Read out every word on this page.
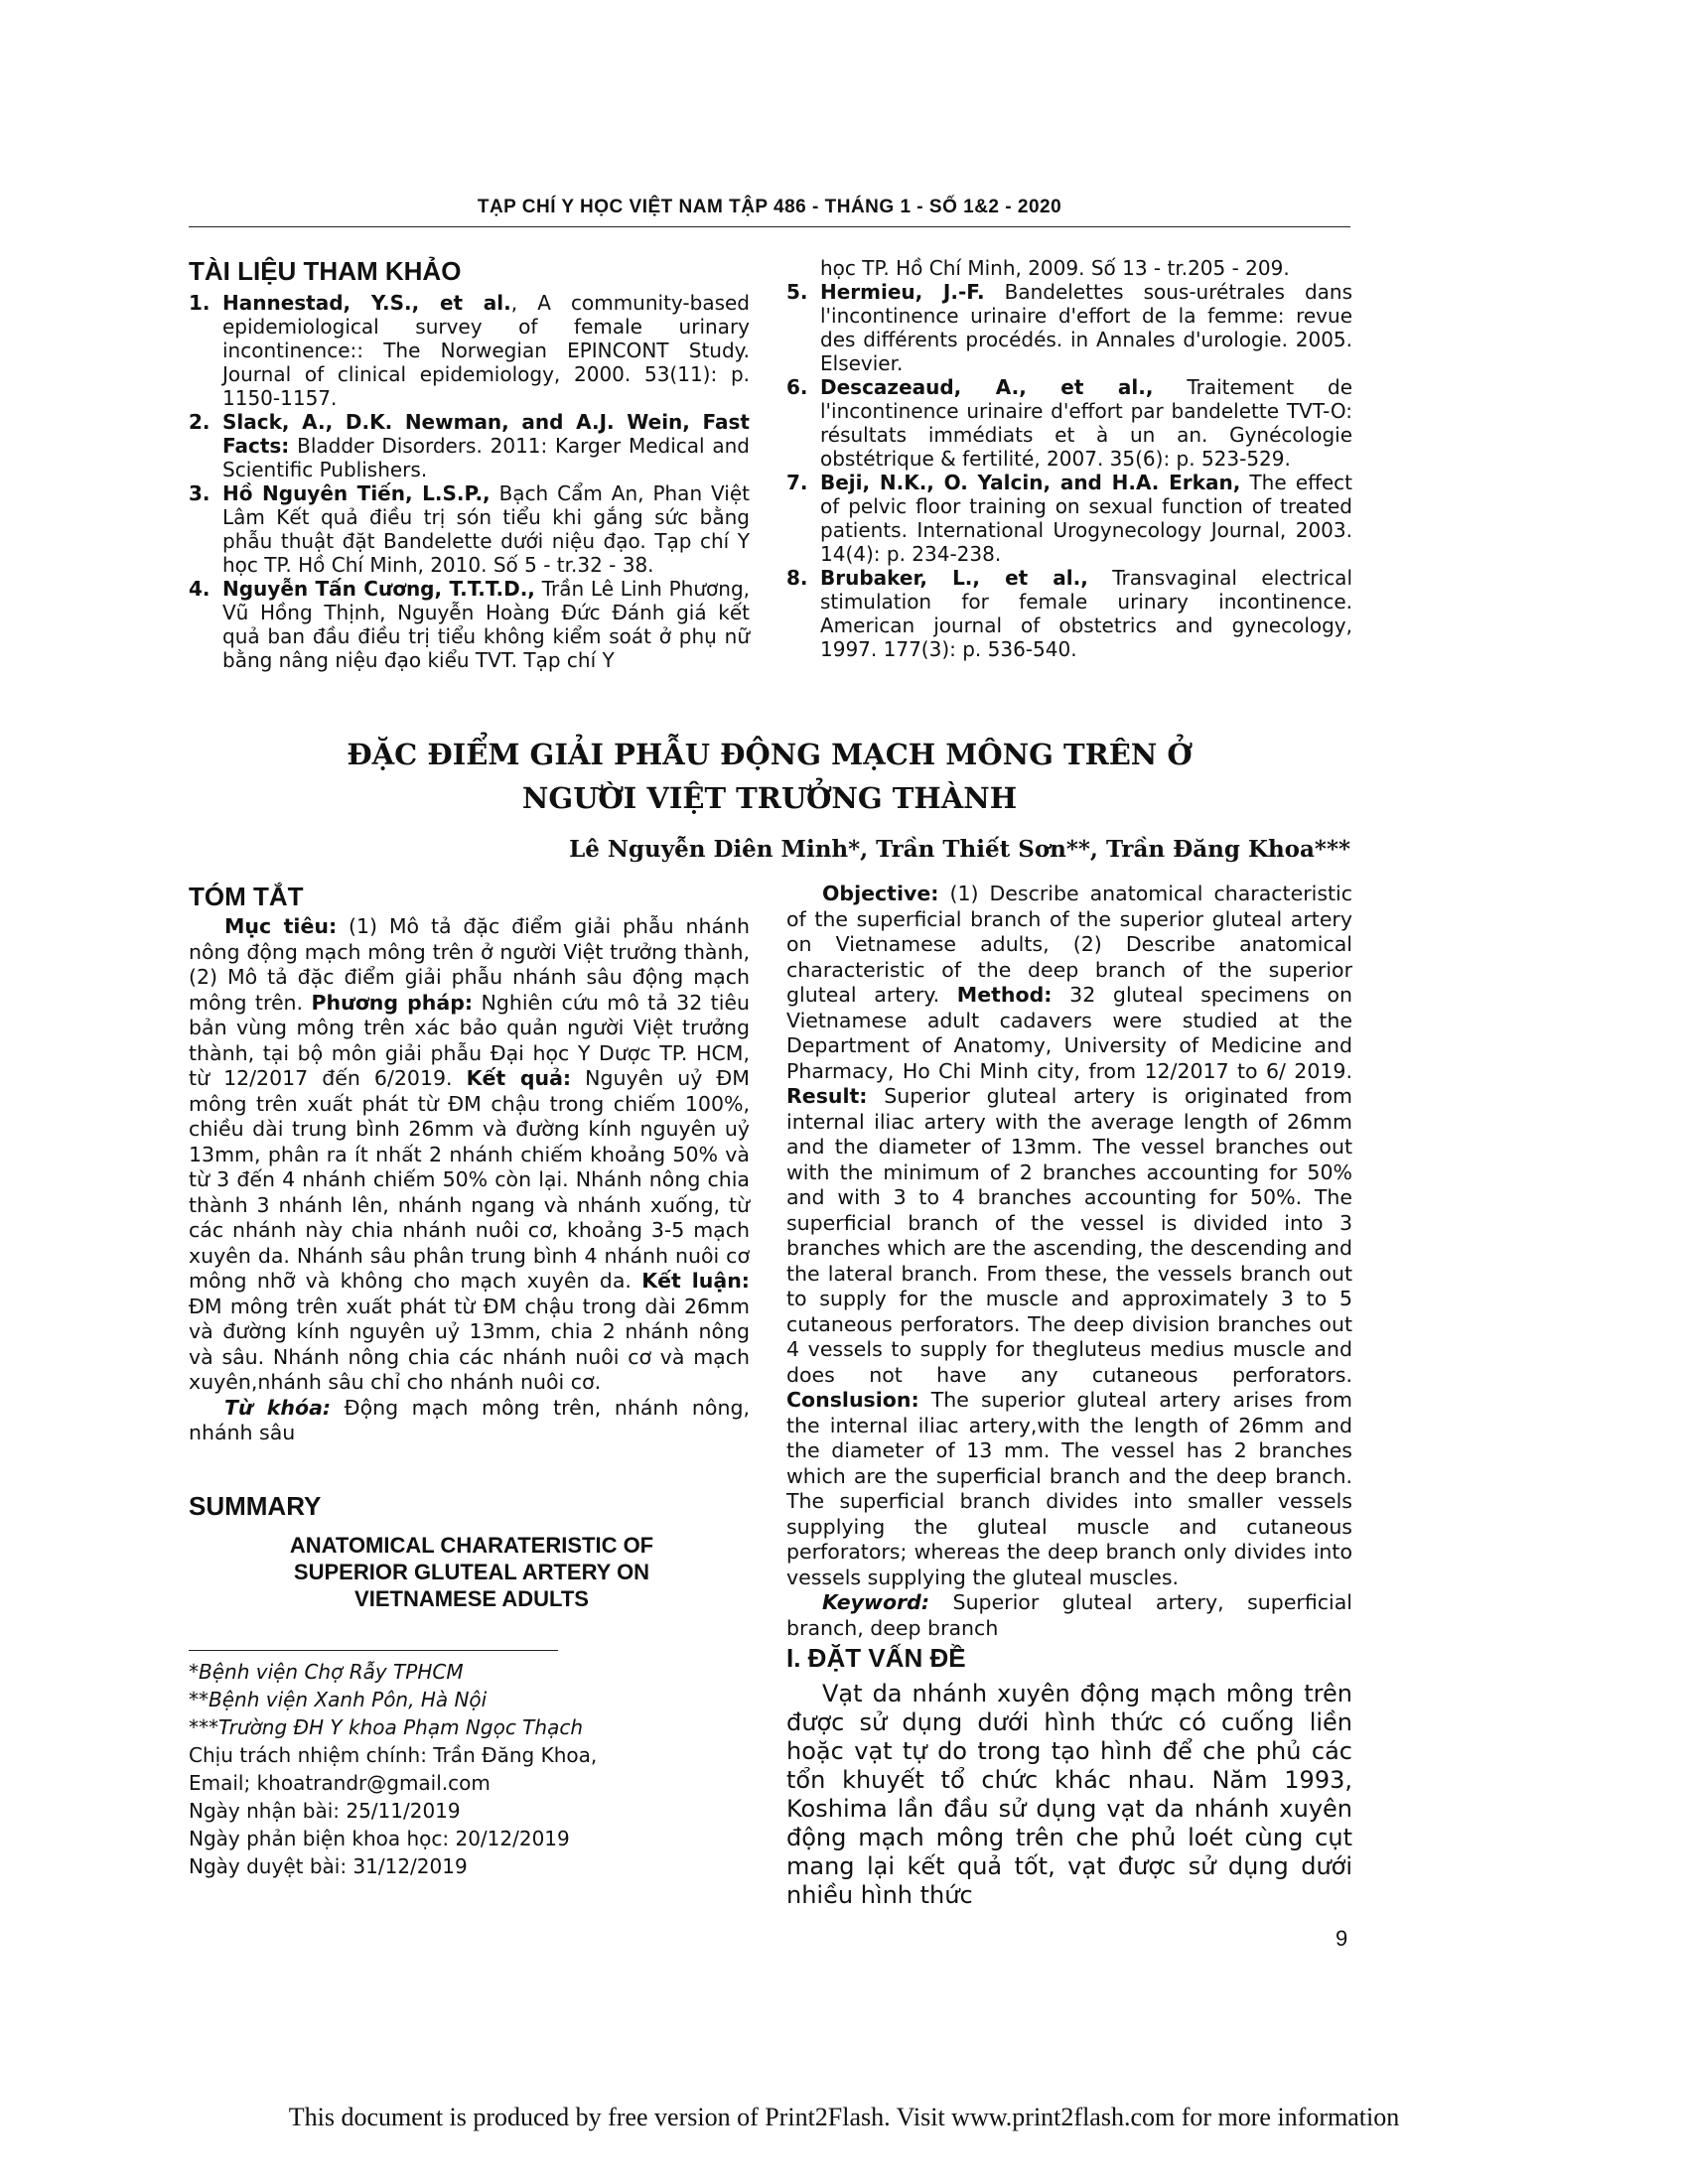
TẠP CHÍ Y HỌC VIỆT NAM TẬP 486 - THÁNG 1 - SỐ 1&2 - 2020
TÀI LIỆU THAM KHẢO
1. Hannestad, Y.S., et al., A community-based epidemiological survey of female urinary incontinence:: The Norwegian EPINCONT Study. Journal of clinical epidemiology, 2000. 53(11): p. 1150-1157.
2. Slack, A., D.K. Newman, and A.J. Wein, Fast Facts: Bladder Disorders. 2011: Karger Medical and Scientific Publishers.
3. Hồ Nguyên Tiến, L.S.P., Bạch Cẩm An, Phan Việt Lâm Kết quả điều trị són tiểu khi gắng sức bằng phẫu thuật đặt Bandelette dưới niệu đạo. Tạp chí Y học TP. Hồ Chí Minh, 2010. Số 5 - tr.32 - 38.
4. Nguyễn Tấn Cương, T.T.T.D., Trần Lê Linh Phương, Vũ Hồng Thịnh, Nguyễn Hoàng Đức Đánh giá kết quả ban đầu điều trị tiểu không kiểm soát ở phụ nữ bằng nâng niệu đạo kiểu TVT. Tạp chí Y
học TP. Hồ Chí Minh, 2009. Số 13 - tr.205 - 209.
5. Hermieu, J.-F. Bandelettes sous-urétrales dans l'incontinence urinaire d'effort de la femme: revue des différents procédés. in Annales d'urologie. 2005. Elsevier.
6. Descazeaud, A., et al., Traitement de l'incontinence urinaire d'effort par bandelette TVT-O: résultats immédiats et à un an. Gynécologie obstétrique & fertilité, 2007. 35(6): p. 523-529.
7. Beji, N.K., O. Yalcin, and H.A. Erkan, The effect of pelvic floor training on sexual function of treated patients. International Urogynecology Journal, 2003. 14(4): p. 234-238.
8. Brubaker, L., et al., Transvaginal electrical stimulation for female urinary incontinence. American journal of obstetrics and gynecology, 1997. 177(3): p. 536-540.
ĐẶC ĐIỂM GIẢI PHẪU ĐỘNG MẠCH MÔNG TRÊN Ở
NGƯỜI VIỆT TRƯỞNG THÀNH
Lê Nguyễn Diên Minh*, Trần Thiết Sơn**, Trần Đăng Khoa***
TÓM TẮT

Mục tiêu: (1) Mô tả đặc điểm giải phẫu nhánh nông động mạch mông trên ở người Việt trưởng thành, (2) Mô tả đặc điểm giải phẫu nhánh sâu động mạch mông trên. Phương pháp: Nghiên cứu mô tả 32 tiêu bản vùng mông trên xác bảo quản người Việt trưởng thành, tại bộ môn giải phẫu Đại học Y Dược TP. HCM, từ 12/2017 đến 6/2019. Kết quả: Nguyên uỷ ĐM mông trên xuất phát từ ĐM chậu trong chiếm 100%, chiều dài trung bình 26mm và đường kính nguyên uỷ 13mm, phân ra ít nhất 2 nhánh chiếm khoảng 50% và từ 3 đến 4 nhánh chiếm 50% còn lại. Nhánh nông chia thành 3 nhánh lên, nhánh ngang và nhánh xuống, từ các nhánh này chia nhánh nuôi cơ, khoảng 3-5 mạch xuyên da. Nhánh sâu phân trung bình 4 nhánh nuôi cơ mông nhỡ và không cho mạch xuyên da. Kết luận: ĐM mông trên xuất phát từ ĐM chậu trong dài 26mm và đường kính nguyên uỷ 13mm, chia 2 nhánh nông và sâu. Nhánh nông chia các nhánh nuôi cơ và mạch xuyên,nhánh sâu chỉ cho nhánh nuôi cơ.

Từ khóa: Động mạch mông trên, nhánh nông, nhánh sâu

SUMMARY
ANATOMICAL CHARATERISTIC OF
SUPERIOR GLUTEAL ARTERY ON
VIETNAMESE ADULTS
*Bệnh viện Chợ Rẫy TPHCM
**Bệnh viện Xanh Pôn, Hà Nội
***Trường ĐH Y khoa Phạm Ngọc Thạch
Chịu trách nhiệm chính: Trần Đăng Khoa,
Email; khoatrandr@gmail.com
Ngày nhận bài: 25/11/2019
Ngày phản biện khoa học: 20/12/2019
Ngày duyệt bài: 31/12/2019

Objective: (1) Describe anatomical characteristic of the superficial branch of the superior gluteal artery on Vietnamese adults, (2) Describe anatomical characteristic of the deep branch of the superior gluteal artery. Method: 32 gluteal specimens on Vietnamese adult cadavers were studied at the Department of Anatomy, University of Medicine and Pharmacy, Ho Chi Minh city, from 12/2017 to 6/ 2019. Result: Superior gluteal artery is originated from internal iliac artery with the average length of 26mm and the diameter of 13mm. The vessel branches out with the minimum of 2 branches accounting for 50% and with 3 to 4 branches accounting for 50%. The superficial branch of the vessel is divided into 3 branches which are the ascending, the descending and the lateral branch. From these, the vessels branch out to supply for the muscle and approximately 3 to 5 cutaneous perforators. The deep division branches out 4 vessels to supply for thegluteus medius muscle and does not have any cutaneous perforators. Conslusion: The superior gluteal artery arises from the internal iliac artery,with the length of 26mm and the diameter of 13 mm. The vessel has 2 branches which are the superficial branch and the deep branch. The superficial branch divides into smaller vessels supplying the gluteal muscle and cutaneous perforators; whereas the deep branch only divides into vessels supplying the gluteal muscles.

Keyword: Superior gluteal artery, superficial branch, deep branch

I. ĐẶT VẤN ĐỀ

Vạt da nhánh xuyên động mạch mông trên được sử dụng dưới hình thức có cuống liền hoặc vạt tự do trong tạo hình để che phủ các tổn khuyết tổ chức khác nhau. Năm 1993, Koshima lần đầu sử dụng vạt da nhánh xuyên động mạch mông trên che phủ loét cùng cụt mang lại kết quả tốt, vạt được sử dụng dưới nhiều hình thức

9
This document is produced by free version of Print2Flash. Visit www.print2flash.com for more information
